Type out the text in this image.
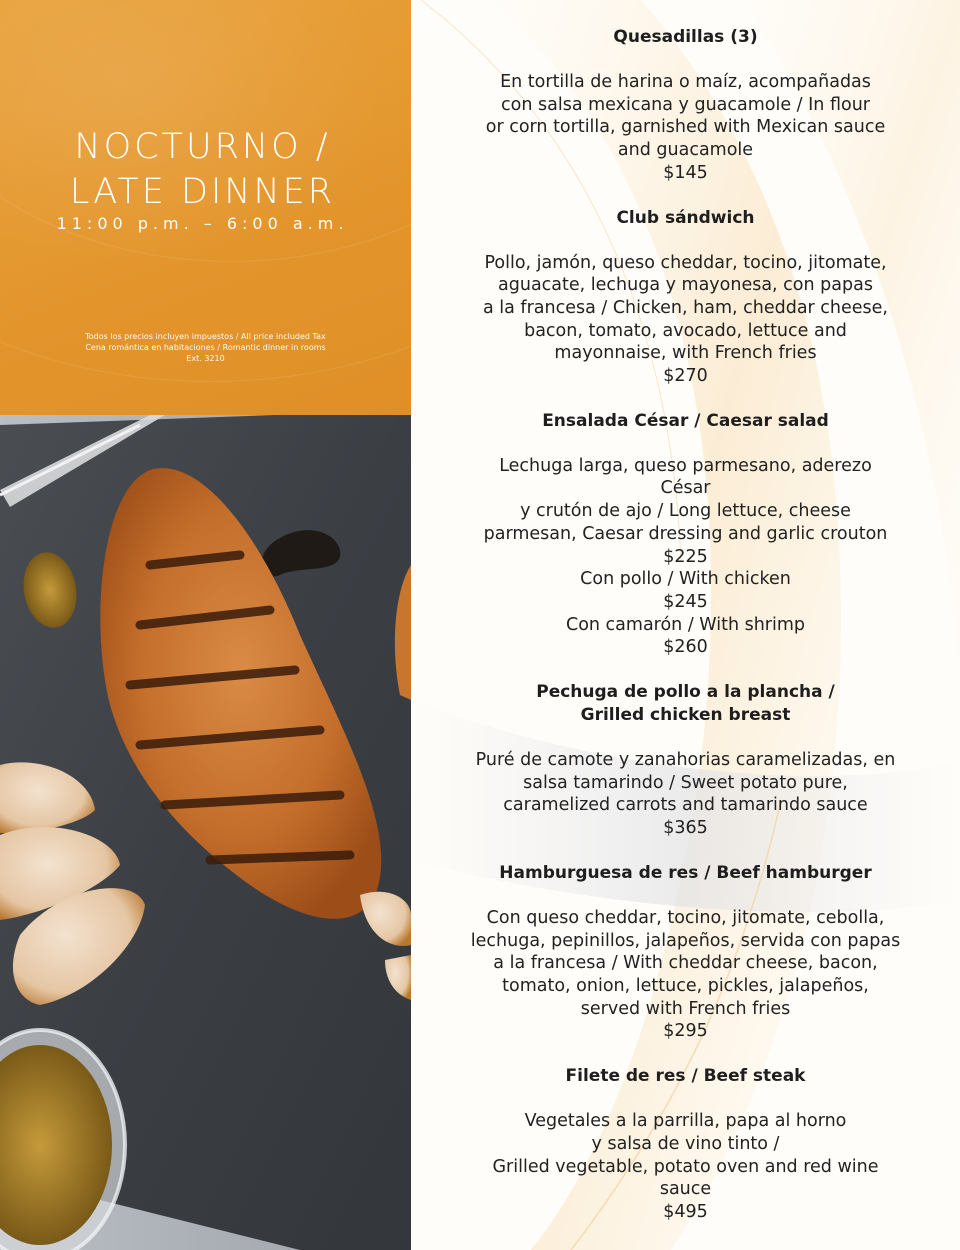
NOCTURNO /
LATE DINNER
11:00 p.m. – 6:00 a.m.
Todos los precios incluyen impuestos / All price included Tax
Cena romántica en habitaciones / Romantic dinner in rooms
Ext. 3210
Quesadillas (3)
En tortilla de harina o maíz, acompañadas
con salsa mexicana y guacamole / In flour
or corn tortilla, garnished with Mexican sauce
and guacamole
$145
Club sándwich
Pollo, jamón, queso cheddar, tocino, jitomate,
aguacate, lechuga y mayonesa, con papas
a la francesa / Chicken, ham, cheddar cheese,
bacon, tomato, avocado, lettuce and
mayonnaise, with French fries
$270
Ensalada César / Caesar salad
Lechuga larga, queso parmesano, aderezo
César
y crutón de ajo / Long lettuce, cheese
parmesan, Caesar dressing and garlic crouton
$225
Con pollo / With chicken
$245
Con camarón / With shrimp
$260
Pechuga de pollo a la plancha /
Grilled chicken breast
Puré de camote y zanahorias caramelizadas, en
salsa tamarindo / Sweet potato pure,
caramelized carrots and tamarindo sauce
$365
Hamburguesa de res / Beef hamburger
Con queso cheddar, tocino, jitomate, cebolla,
lechuga, pepinillos, jalapeños, servida con papas
a la francesa / With cheddar cheese, bacon,
tomato, onion, lettuce, pickles, jalapeños,
served with French fries
$295
Filete de res / Beef steak
Vegetales a la parrilla, papa al horno
y salsa de vino tinto /
Grilled vegetable, potato oven and red wine
sauce
$495
